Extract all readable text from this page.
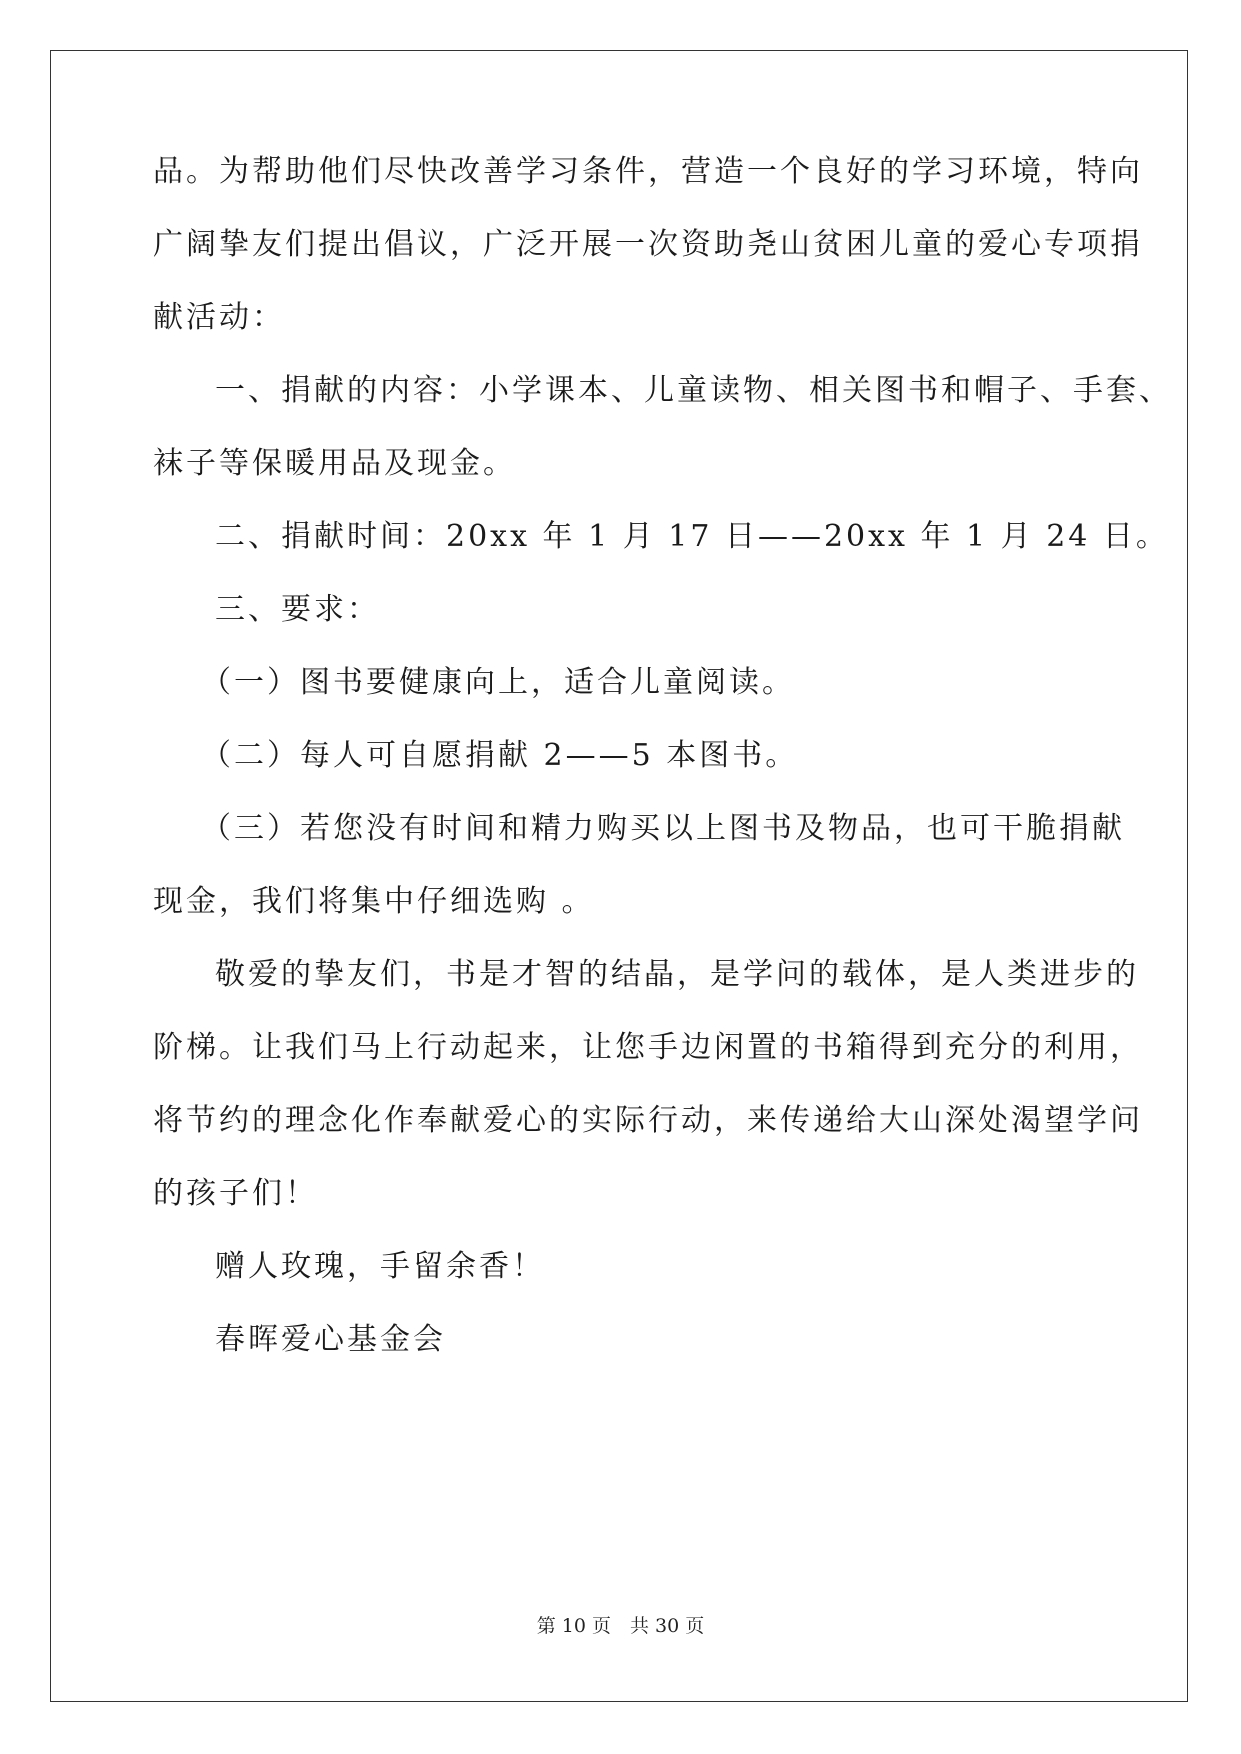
品。为帮助他们尽快改善学习条件，营造一个良好的学习环境，特向
广阔挚友们提出倡议，广泛开展一次资助尧山贫困儿童的爱心专项捐
献活动：
一、捐献的内容：小学课本、儿童读物、相关图书和帽子、手套、
袜子等保暖用品及现金。
二、捐献时间：20xx 年 1 月 17 日——20xx 年 1 月 24 日。
三、要求：
（一）图书要健康向上，适合儿童阅读。
（二）每人可自愿捐献 2——5 本图书。
（三）若您没有时间和精力购买以上图书及物品，也可干脆捐献
现金，我们将集中仔细选购 。
敬爱的挚友们，书是才智的结晶，是学问的载体，是人类进步的
阶梯。让我们马上行动起来，让您手边闲置的书箱得到充分的利用，
将节约的理念化作奉献爱心的实际行动，来传递给大山深处渴望学问
的孩子们！
赠人玫瑰，手留余香！
春晖爱心基金会
第 10 页　共 30 页
